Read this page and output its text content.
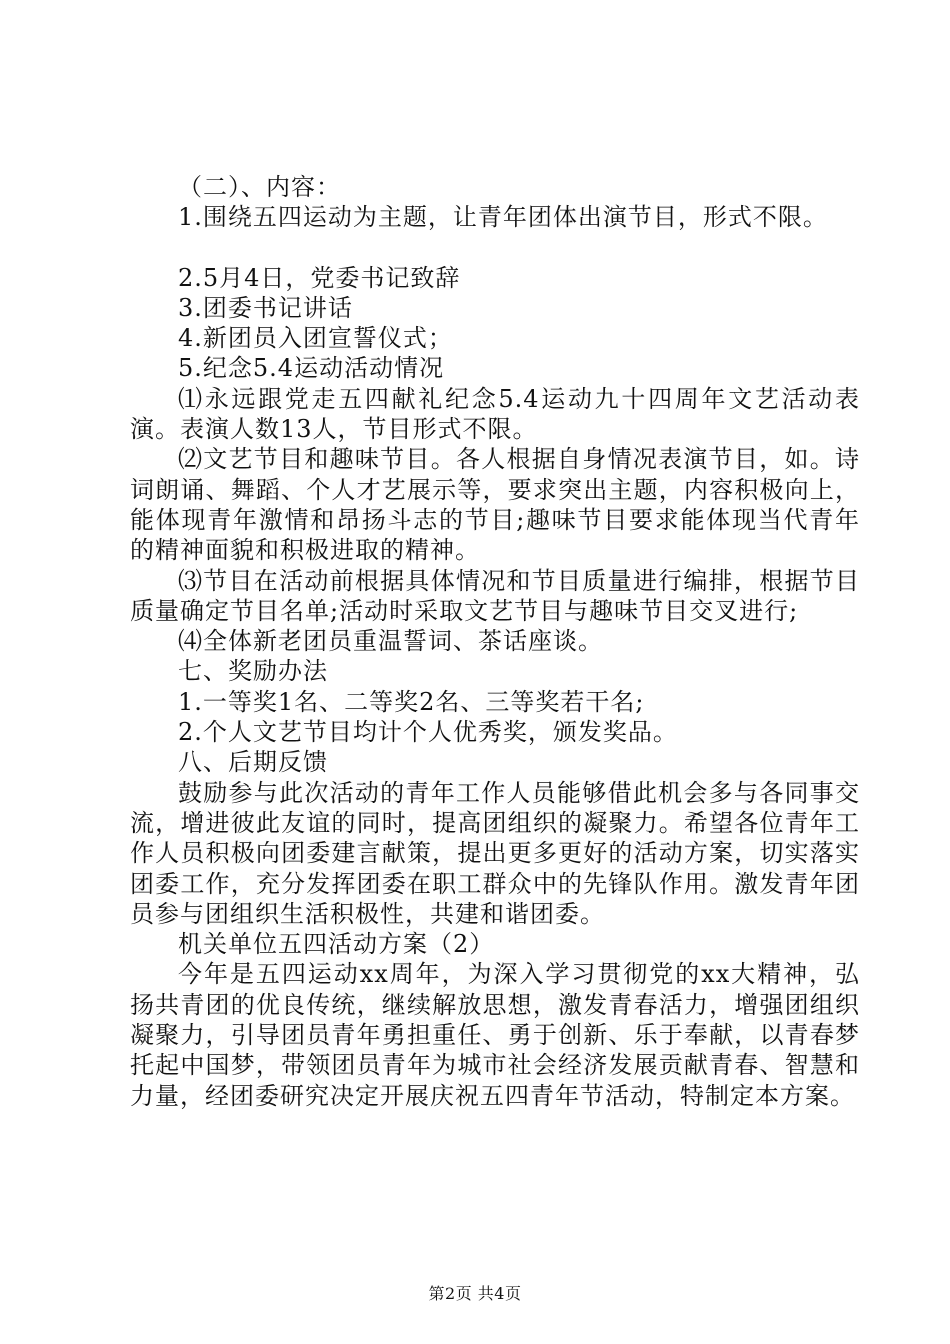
（二）、内容：

1.围绕五四运动为主题，让青年团体出演节目，形式不限。

2.5月4日，党委书记致辞

3.团委书记讲话

4.新团员入团宣誓仪式；

5.纪念5.4运动活动情况

⑴永远跟党走五四献礼纪念5.4运动九十四周年文艺活动表演。表演人数13人，节目形式不限。

⑵文艺节目和趣味节目。各人根据自身情况表演节目，如。诗词朗诵、舞蹈、个人才艺展示等，要求突出主题，内容积极向上，能体现青年激情和昂扬斗志的节目;趣味节目要求能体现当代青年的精神面貌和积极进取的精神。

⑶节目在活动前根据具体情况和节目质量进行编排，根据节目质量确定节目名单;活动时采取文艺节目与趣味节目交叉进行;

⑷全体新老团员重温誓词、茶话座谈。

七、奖励办法

1.一等奖1名、二等奖2名、三等奖若干名;

2.个人文艺节目均计个人优秀奖，颁发奖品。

八、后期反馈

鼓励参与此次活动的青年工作人员能够借此机会多与各同事交流，增进彼此友谊的同时，提高团组织的凝聚力。希望各位青年工作人员积极向团委建言献策，提出更多更好的活动方案，切实落实团委工作，充分发挥团委在职工群众中的先锋队作用。激发青年团员参与团组织生活积极性，共建和谐团委。

机关单位五四活动方案（2）

今年是五四运动xx周年，为深入学习贯彻党的xx大精神，弘扬共青团的优良传统，继续解放思想，激发青春活力，增强团组织凝聚力，引导团员青年勇担重任、勇于创新、乐于奉献，以青春梦托起中国梦，带领团员青年为城市社会经济发展贡献青春、智慧和力量，经团委研究决定开展庆祝五四青年节活动，特制定本方案。

第2页 共4页
